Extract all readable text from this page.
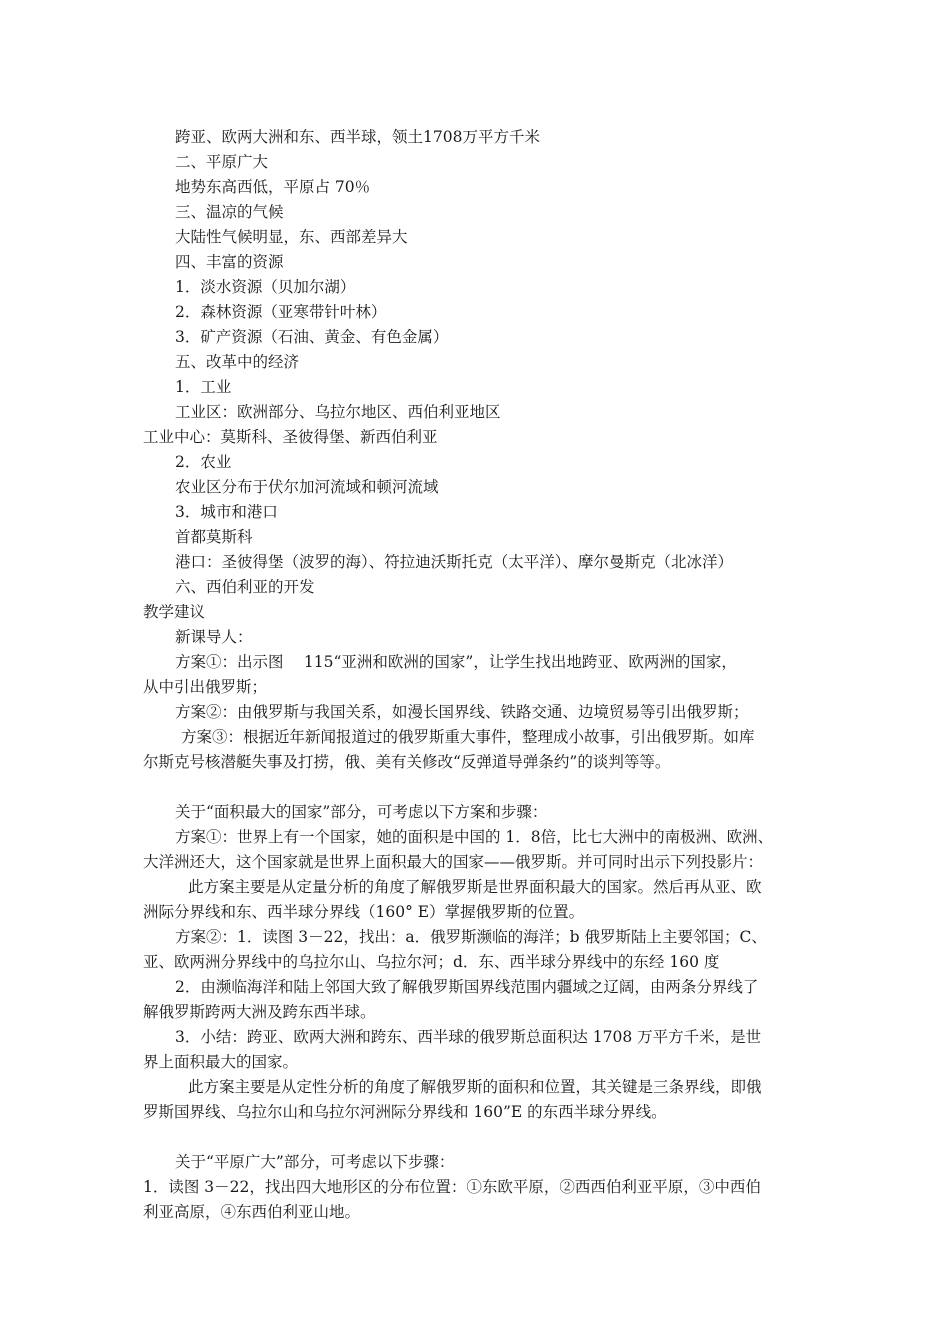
跨亚、欧两大洲和东、西半球，领土1708万平方千米
二、平原广大
地势东高西低，平原占 70％
三、温凉的气候
大陆性气候明显，东、西部差异大
四、丰富的资源
1．淡水资源（贝加尔湖）
2．森林资源（亚寒带针叶林）
3．矿产资源（石油、黄金、有色金属）
五、改革中的经济
1．工业
工业区：欧洲部分、乌拉尔地区、西伯利亚地区
工业中心：莫斯科、圣彼得堡、新西伯利亚
2．农业
农业区分布于伏尔加河流域和顿河流域
3．城市和港口
首都莫斯科
港口：圣彼得堡（波罗的海）、符拉迪沃斯托克（太平洋）、摩尔曼斯克（北冰洋）
六、西伯利亚的开发
教学建议
新课导人：
方案①：出示图　 115“亚洲和欧洲的国家”，让学生找出地跨亚、欧两洲的国家，
从中引出俄罗斯；
方案②：由俄罗斯与我国关系，如漫长国界线、铁路交通、边境贸易等引出俄罗斯；
方案③：根据近年新闻报道过的俄罗斯重大事件，整理成小故事，引出俄罗斯。如库
尔斯克号核潜艇失事及打捞，俄、美有关修改“反弹道导弹条约”的谈判等等。
关于“面积最大的国家”部分，可考虑以下方案和步骤：
方案①：世界上有一个国家，她的面积是中国的 1．8倍，比七大洲中的南极洲、欧洲、
大洋洲还大，这个国家就是世界上面积最大的国家——俄罗斯。并可同时出示下列投影片：
此方案主要是从定量分析的角度了解俄罗斯是世界面积最大的国家。然后再从亚、欧
洲际分界线和东、西半球分界线（160° E）掌握俄罗斯的位置。
方案②：1．读图 3－22，找出：a．俄罗斯濒临的海洋；b 俄罗斯陆上主要邻国；C、
亚、欧两洲分界线中的乌拉尔山、乌拉尔河；d．东、西半球分界线中的东经 160 度
2．由濒临海洋和陆上邻国大致了解俄罗斯国界线范围内疆域之辽阔，由两条分界线了
解俄罗斯跨两大洲及跨东西半球。
3．小结：跨亚、欧两大洲和跨东、西半球的俄罗斯总面积达 1708 万平方千米，是世
界上面积最大的国家。
此方案主要是从定性分析的角度了解俄罗斯的面积和位置，其关键是三条界线，即俄
罗斯国界线、乌拉尔山和乌拉尔河洲际分界线和 160”E 的东西半球分界线。
关于“平原广大”部分，可考虑以下步骤：
1．读图 3－22，找出四大地形区的分布位置：①东欧平原，②西西伯利亚平原，③中西伯
利亚高原，④东西伯利亚山地。
